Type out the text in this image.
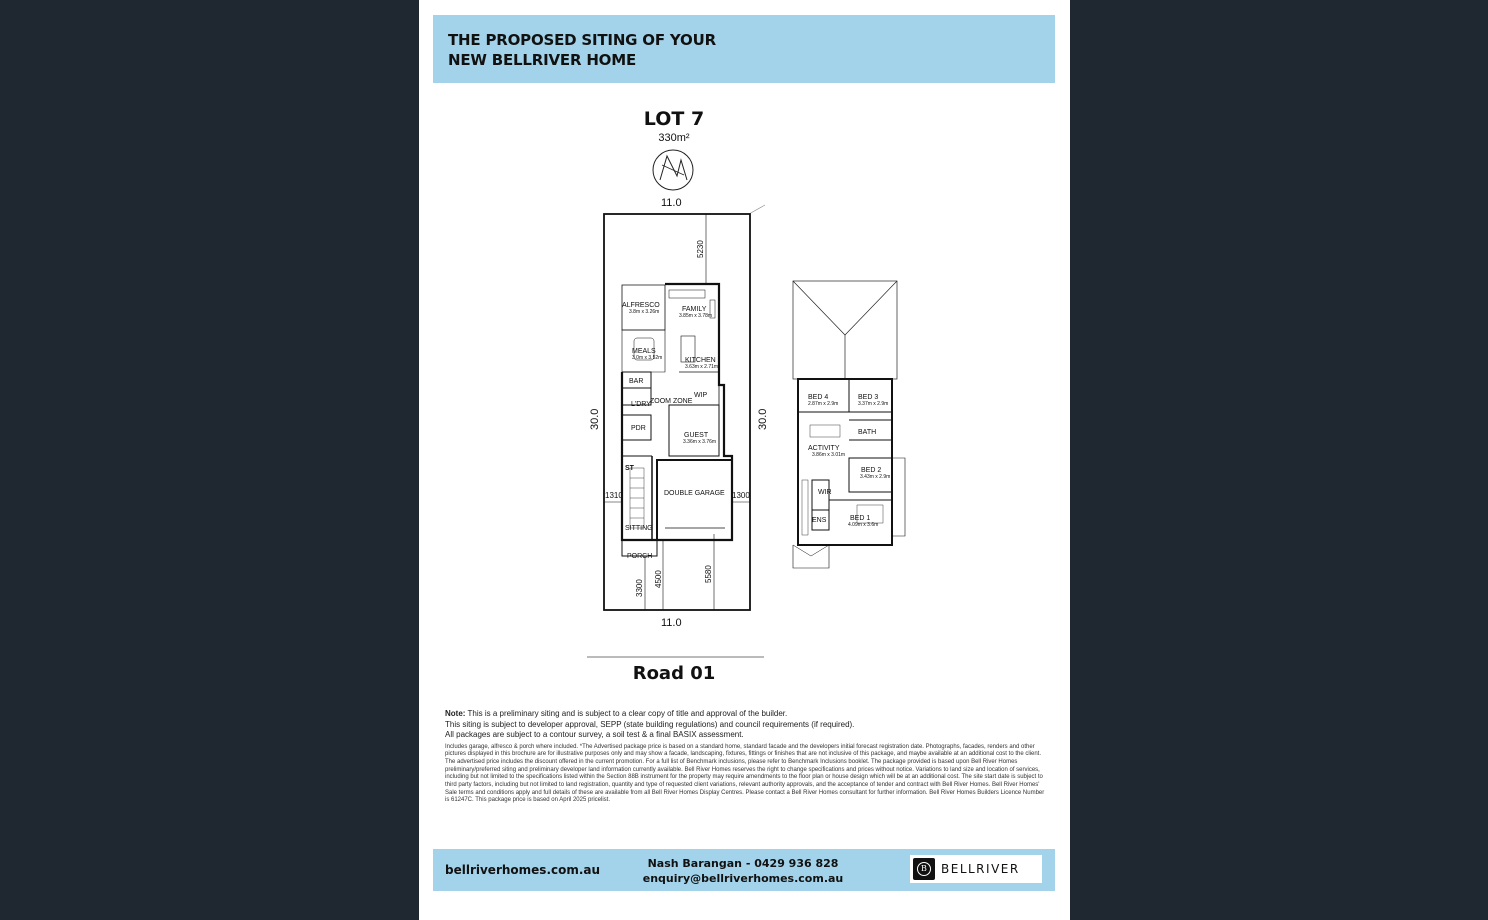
THE PROPOSED SITING OF YOUR
NEW BELLRIVER HOME
LOT 7
330m²
11.0
30.0	30.0
5230
ALFRESCO
3.8m x 3.26m	FAMILY
3.85m x 3.78m
MEALS
3.0m x 3.52m	KITCHEN
3.63m x 2.71m
BAR
WIP
L'DRY ZOOM ZONE
PDR
GUEST
3.36m x 3.76m
ST
DOUBLE GARAGE
SITTING
PORCH
1310	1300
3300
4500	5580
11.0
BED 4
2.87m x 2.9m
BED 3
3.37m x 2.9m
BATH
ACTIVITY
3.86m x 3.01m
BED 2
3.43m x 2.9m
WIR
ENS	BED 1
4.09m x 3.6m
Road 01
Note: This is a preliminary siting and is subject to a clear copy of title and approval of the builder.
This siting is subject to developer approval, SEPP (state building regulations) and council requirements (if required).
All packages are subject to a contour survey, a soil test & a final BASIX assessment.
Includes garage, alfresco & porch where included. *The Advertised package price is based on a standard home, standard facade and the developers initial forecast registration date. Photographs, facades, renders and other pictures displayed in this brochure are for illustrative purposes only and may show a facade, landscaping, fixtures, fittings or finishes that are not inclusive of this package, and maybe available at an additional cost to the client. The advertised price includes the discount offered in the current promotion. For a full list of Benchmark inclusions, please refer to Benchmark Inclusions booklet. The package provided is based upon Bell River Homes preliminary/preferred siting and preliminary developer land information currently available. Bell River Homes reserves the right to change specifications and prices without notice. Variations to land size and location of services, including but not limited to the specifications listed within the Section 88B instrument for the property may require amendments to the floor plan or house design which will be at an additional cost. The site start date is subject to third party factors, including but not limited to land registration, quantity and type of requested client variations, relevant authority approvals, and the acceptance of tender and contract with Bell River Homes. Bell River Homes' Sale terms and conditions apply and full details of these are available from all Bell River Homes Display Centres. Please contact a Bell River Homes consultant for further information. Bell River Homes Builders Licence Number is 61247C. This package price is based on April 2025 pricelist.
bellriverhomes.com.au	Nash Barangan - 0429 936 828
enquiry@bellriverhomes.com.au
B	BELLRIVER
